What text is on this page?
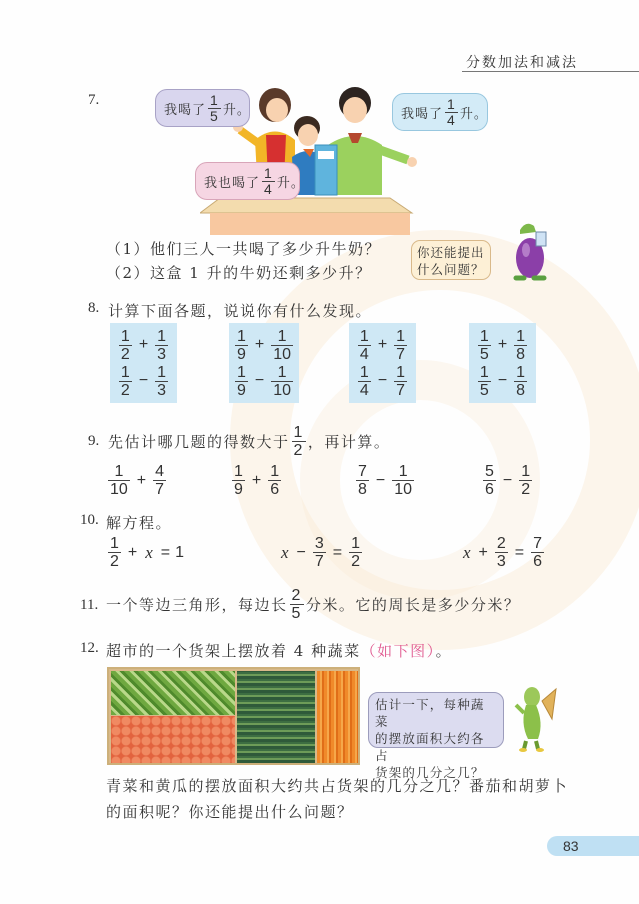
分数加法和减法
7.
我喝了 $\frac{1}{5}$ 升。	我喝了 $\frac{1}{4}$ 升。
我也喝了 $\frac{1}{4}$ 升。
（1）他们三人一共喝了多少升牛奶？
（2）这盒 1 升的牛奶还剩多少升？
你还能提出
什么问题？
8. 计算下面各题，说说你有什么发现。
$\frac{1}{2} + \frac{1}{3}$
$\frac{1}{2} - \frac{1}{3}$
$\frac{1}{9} + \frac{1}{10}$
$\frac{1}{9} - \frac{1}{10}$
$\frac{1}{4} + \frac{1}{7}$
$\frac{1}{4} - \frac{1}{7}$
$\frac{1}{5} + \frac{1}{8}$
$\frac{1}{5} - \frac{1}{8}$
9. 先估计哪几题的得数大于 $\frac{1}{2}$ ，再计算。
$\frac{1}{10} + \frac{4}{7}$	$\frac{1}{9} + \frac{1}{6}$	$\frac{7}{8} - \frac{1}{10}$	$\frac{5}{6} - \frac{1}{2}$
10. 解方程。
$\frac{1}{2} + x = 1$	$x - \frac{3}{7} = \frac{1}{2}$	$x + \frac{2}{3} = \frac{7}{6}$
11. 一个等边三角形，每边长 $\frac{2}{5}$ 分米。它的周长是多少分米？
12. 超市的一个货架上摆放着 4 种蔬菜（如下图）。
估计一下，每种蔬菜
的摆放面积大约各占
货架的几分之几？
青菜和黄瓜的摆放面积大约共占货架的几分之几？番茄和胡萝卜
的面积呢？你还能提出什么问题？
83
